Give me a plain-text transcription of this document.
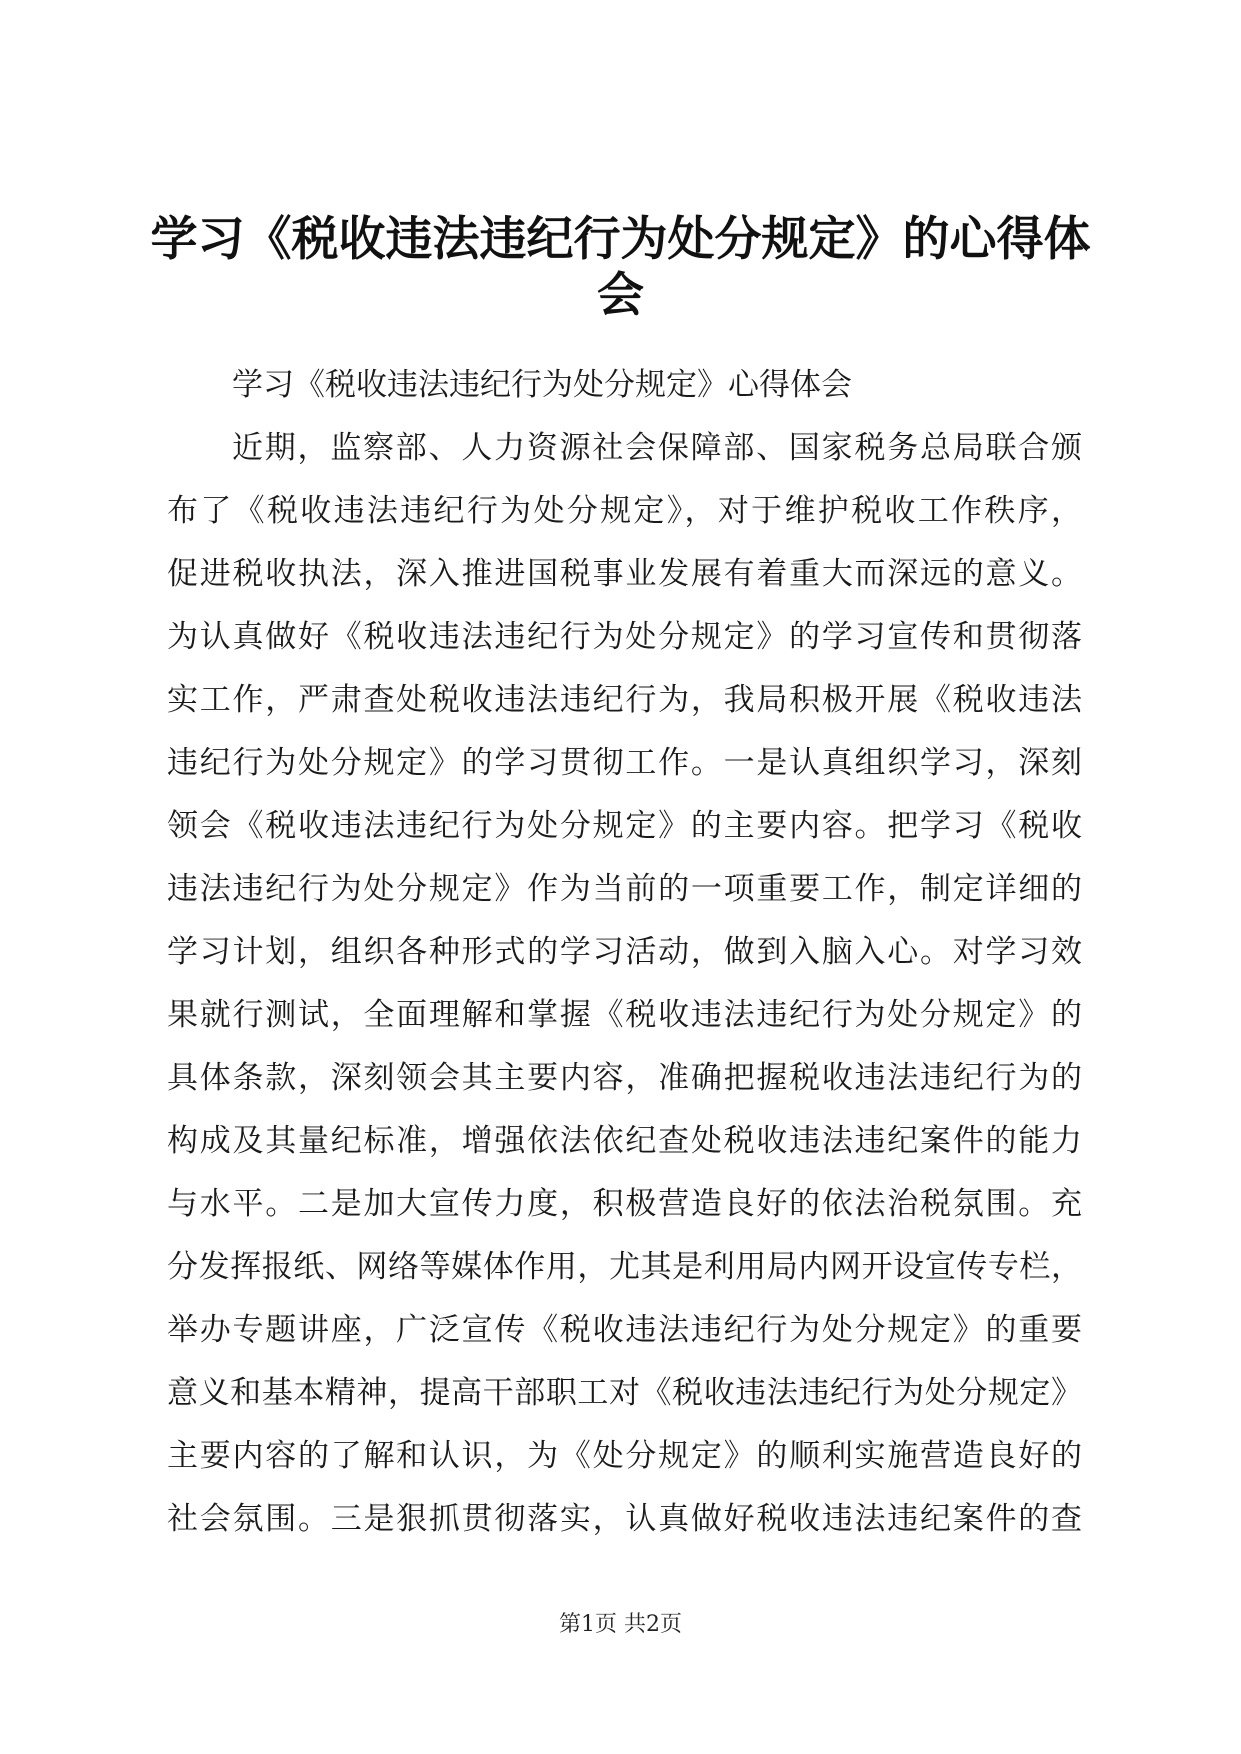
学习《税收违法违纪行为处分规定》的心得体
会
学习《税收违法违纪行为处分规定》心得体会
近期，监察部、人力资源社会保障部、国家税务总局联合颁
布了《税收违法违纪行为处分规定》，对于维护税收工作秩序，
促进税收执法，深入推进国税事业发展有着重大而深远的意义。
为认真做好《税收违法违纪行为处分规定》的学习宣传和贯彻落
实工作，严肃查处税收违法违纪行为，我局积极开展《税收违法
违纪行为处分规定》的学习贯彻工作。一是认真组织学习，深刻
领会《税收违法违纪行为处分规定》的主要内容。把学习《税收
违法违纪行为处分规定》作为当前的一项重要工作，制定详细的
学习计划，组织各种形式的学习活动，做到入脑入心。对学习效
果就行测试，全面理解和掌握《税收违法违纪行为处分规定》的
具体条款，深刻领会其主要内容，准确把握税收违法违纪行为的
构成及其量纪标准，增强依法依纪查处税收违法违纪案件的能力
与水平。二是加大宣传力度，积极营造良好的依法治税氛围。充
分发挥报纸、网络等媒体作用，尤其是利用局内网开设宣传专栏，
举办专题讲座，广泛宣传《税收违法违纪行为处分规定》的重要
意义和基本精神，提高干部职工对《税收违法违纪行为处分规定》
主要内容的了解和认识，为《处分规定》的顺利实施营造良好的
社会氛围。三是狠抓贯彻落实，认真做好税收违法违纪案件的查
第1页 共2页
